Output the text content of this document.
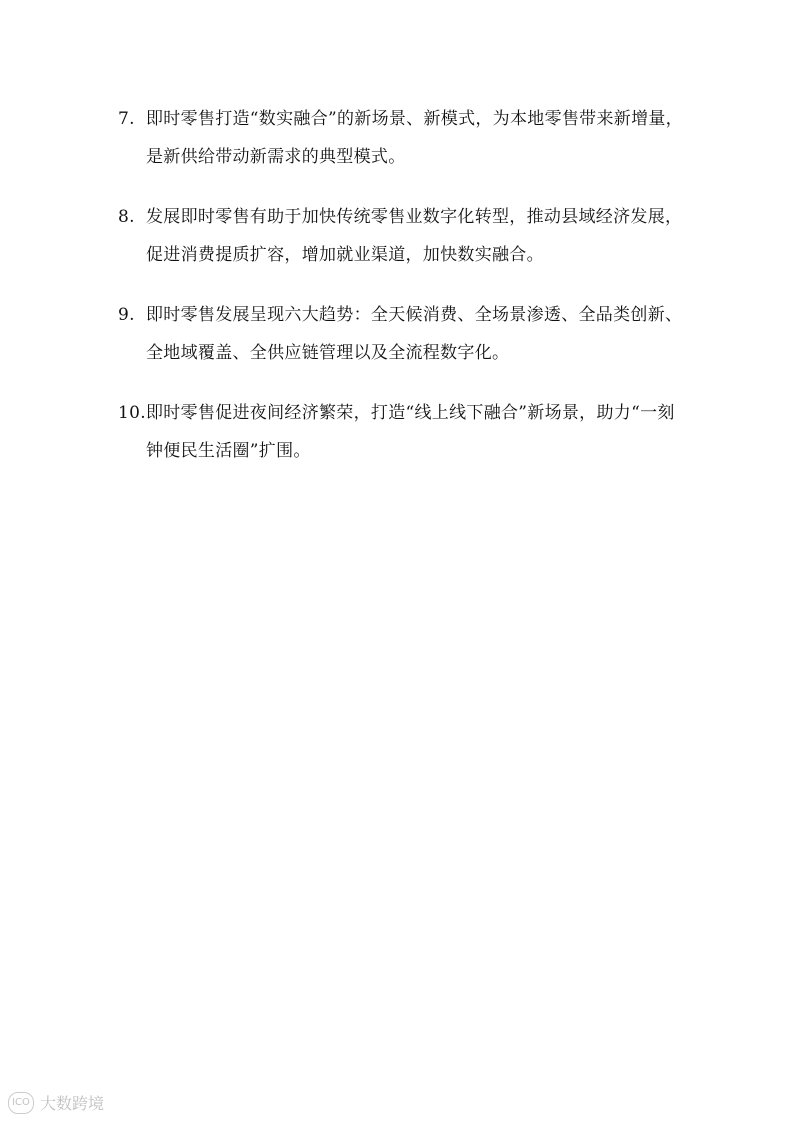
7. 即时零售打造“数实融合”的新场景、新模式，为本地零售带来新增量，是新供给带动新需求的典型模式。
8. 发展即时零售有助于加快传统零售业数字化转型，推动县域经济发展，促进消费提质扩容，增加就业渠道，加快数实融合。
9. 即时零售发展呈现六大趋势：全天候消费、全场景渗透、全品类创新、全地域覆盖、全供应链管理以及全流程数字化。
10. 即时零售促进夜间经济繁荣，打造“线上线下融合”新场景，助力“一刻钟便民生活圈”扩围。
ICO 大数跨境
